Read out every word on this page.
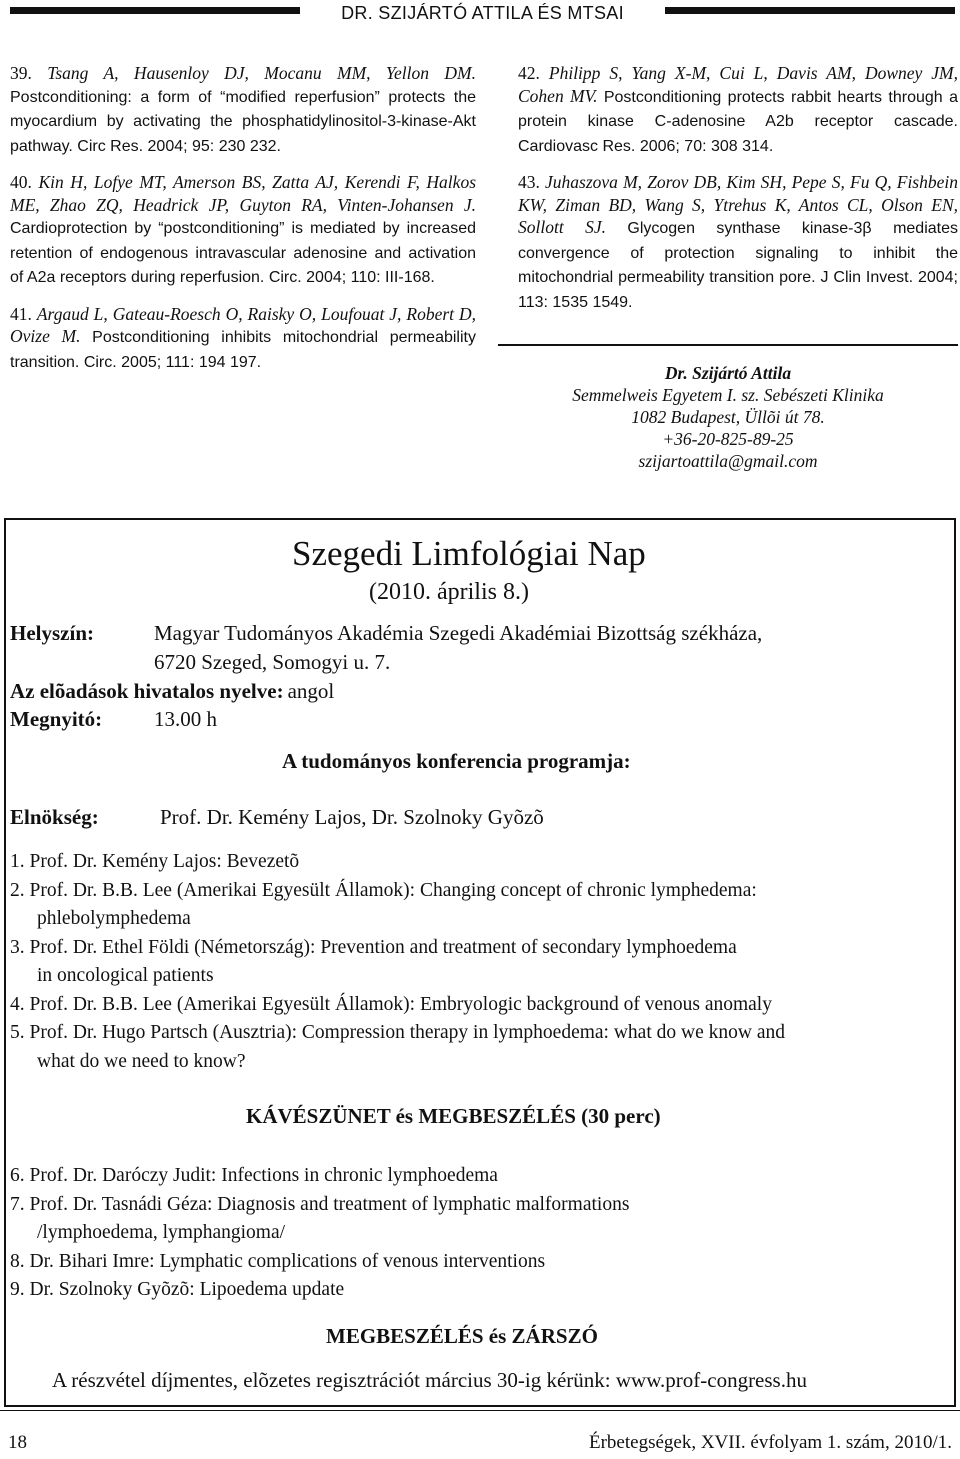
DR. SZIJÁRTÓ ATTILA ÉS MTSAI

39. Tsang A, Hausenloy DJ, Mocanu MM, Yellon DM. Postconditioning: a form of “modified reperfusion” protects the myocardium by activating the phosphatidylinositol-3-kinase-Akt pathway. Circ Res. 2004; 95: 230 232.

40. Kin H, Lofye MT, Amerson BS, Zatta AJ, Kerendi F, Halkos ME, Zhao ZQ, Headrick JP, Guyton RA, Vinten-Johansen J. Cardioprotection by “postconditioning” is mediated by increased retention of endogenous intravascular adenosine and activation of A2a receptors during reperfusion. Circ. 2004; 110: III-168.

41. Argaud L, Gateau-Roesch O, Raisky O, Loufouat J, Robert D, Ovize M. Postconditioning inhibits mitochondrial permeability transition. Circ. 2005; 111: 194 197.

42. Philipp S, Yang X-M, Cui L, Davis AM, Downey JM, Cohen MV. Postconditioning protects rabbit hearts through a protein kinase C-adenosine A2b receptor cascade. Cardiovasc Res. 2006; 70: 308 314.

43. Juhaszova M, Zorov DB, Kim SH, Pepe S, Fu Q, Fishbein KW, Ziman BD, Wang S, Ytrehus K, Antos CL, Olson EN, Sollott SJ. Glycogen synthase kinase-3β mediates convergence of protection signaling to inhibit the mitochondrial permeability transition pore. J Clin Invest. 2004; 113: 1535 1549.

Dr. Szijártó Attila
Semmelweis Egyetem I. sz. Sebészeti Klinika
1082 Budapest, Üllõi út 78.
+36-20-825-89-25
szijartoattila@gmail.com
Szegedi Limfológiai Nap
(2010. április 8.)
Helyszín:	Magyar Tudományos Akadémia Szegedi Akadémiai Bizottság székháza,
6720 Szeged, Somogyi u. 7.
Az elõadások hivatalos nyelve: angol
Megnyitó: 13.00 h
A tudományos konferencia programja:
Elnökség:	Prof. Dr. Kemény Lajos, Dr. Szolnoky Gyõzõ
1. Prof. Dr. Kemény Lajos: Bevezetõ
2. Prof. Dr. B.B. Lee (Amerikai Egyesült Államok): Changing concept of chronic lymphedema:
phlebolymphedema
3. Prof. Dr. Ethel Földi (Németország): Prevention and treatment of secondary lymphoedema
in oncological patients
4. Prof. Dr. B.B. Lee (Amerikai Egyesült Államok): Embryologic background of venous anomaly
5. Prof. Dr. Hugo Partsch (Ausztria): Compression therapy in lymphoedema: what do we know and
what do we need to know?
KÁVÉSZÜNET és MEGBESZÉLÉS (30 perc)
6. Prof. Dr. Daróczy Judit: Infections in chronic lymphoedema
7. Prof. Dr. Tasnádi Géza: Diagnosis and treatment of lymphatic malformations
/lymphoedema, lymphangioma/
8. Dr. Bihari Imre: Lymphatic complications of venous interventions
9. Dr. Szolnoky Gyõzõ: Lipoedema update
MEGBESZÉLÉS és ZÁRSZÓ
A részvétel díjmentes, elõzetes regisztrációt március 30-ig kérünk: www.prof-congress.hu
18	Érbetegségek, XVII. évfolyam 1. szám, 2010/1.
